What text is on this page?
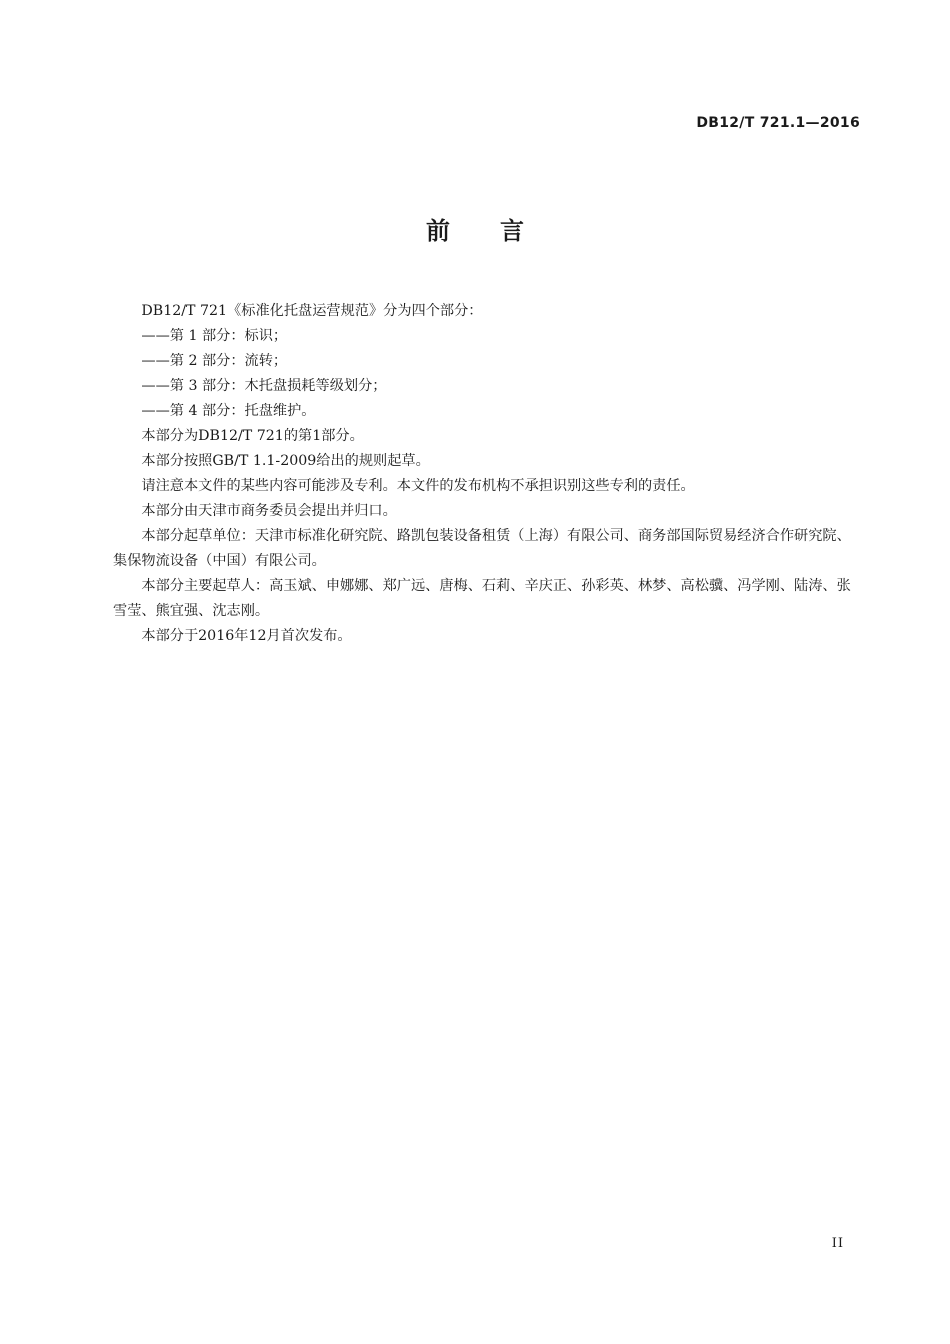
DB12/T 721.1—2016
前 言

DB12/T 721《标准化托盘运营规范》分为四个部分：

——第 1 部分：标识；

——第 2 部分：流转；

——第 3 部分：木托盘损耗等级划分；

——第 4 部分：托盘维护。

本部分为DB12/T 721的第1部分。

本部分按照GB/T 1.1-2009给出的规则起草。

请注意本文件的某些内容可能涉及专利。本文件的发布机构不承担识别这些专利的责任。

本部分由天津市商务委员会提出并归口。

本部分起草单位：天津市标准化研究院、路凯包装设备租赁（上海）有限公司、商务部国际贸易经济合作研究院、集保物流设备（中国）有限公司。

本部分主要起草人：高玉斌、申娜娜、郑广远、唐梅、石莉、辛庆正、孙彩英、林梦、高松骥、冯学刚、陆涛、张雪莹、熊宜强、沈志刚。

本部分于2016年12月首次发布。

II
